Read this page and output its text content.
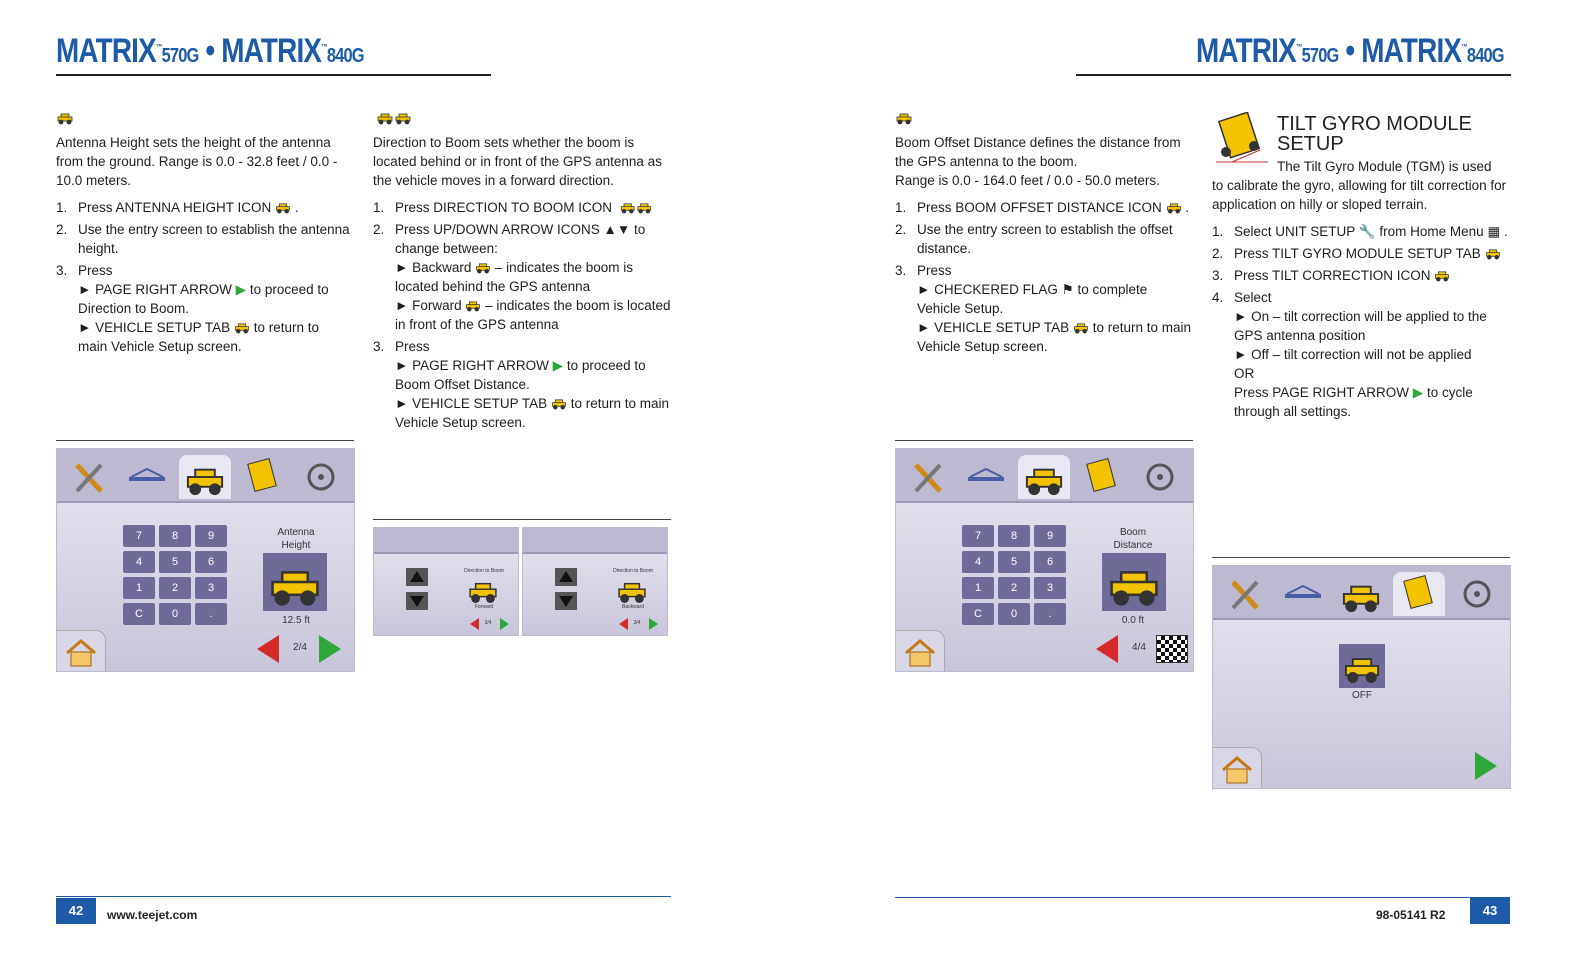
MATRIX™570G • MATRIX™840G	MATRIX™570G • MATRIX™840G

Antenna Height sets the height of the antenna from the ground. Range is 0.0 - 32.8 feet / 0.0 - 10.0 meters.

1. Press ANTENNA HEIGHT ICON .
2. Use the entry screen to establish the antenna height.
3. Press
► PAGE RIGHT ARROW ▶ to proceed to Direction to Boom.
► VEHICLE SETUP TAB to return to main Vehicle Setup screen.
7	8	9
4	5	6
1	2	3
C	0	.
Antenna
Height
12.5 ft
2/4

Direction to Boom sets whether the boom is located behind or in front of the GPS antenna as the vehicle moves in a forward direction.

1. Press DIRECTION TO BOOM ICON
2. Press UP/DOWN ARROW ICONS ▲▼ to change between:
► Backward – indicates the boom is located behind the GPS antenna
► Forward – indicates the boom is located in front of the GPS antenna
3. Press
► PAGE RIGHT ARROW ▶ to proceed to Boom Offset Distance.
► VEHICLE SETUP TAB to return to main Vehicle Setup screen.
Direction to Boom
Forward
3/4
Direction to Boom
Backward
3/4

Boom Offset Distance defines the distance from the GPS antenna to the boom.

Range is 0.0 - 164.0 feet / 0.0 - 50.0 meters.

1. Press BOOM OFFSET DISTANCE ICON .
2. Use the entry screen to establish the offset distance.
3. Press
► CHECKERED FLAG ⚑ to complete Vehicle Setup.
► VEHICLE SETUP TAB to return to main Vehicle Setup screen.
7	8	9
4	5	6
1	2	3
C	0	.
Boom
Distance
0.0 ft
4/4
TILT GYRO MODULE
SETUP

The Tilt Gyro Module (TGM) is used
to calibrate the gyro, allowing for tilt correction for application on hilly or sloped terrain.

1. Select UNIT SETUP 🔧 from Home Menu ▦ .
2. Press TILT GYRO MODULE SETUP TAB
3. Press TILT CORRECTION ICON
4. Select
► On – tilt correction will be applied to the GPS antenna position
► Off – tilt correction will not be applied
OR
Press PAGE RIGHT ARROW ▶ to cycle through all settings.
OFF
42	www.teejet.com	98-05141 R2	43
